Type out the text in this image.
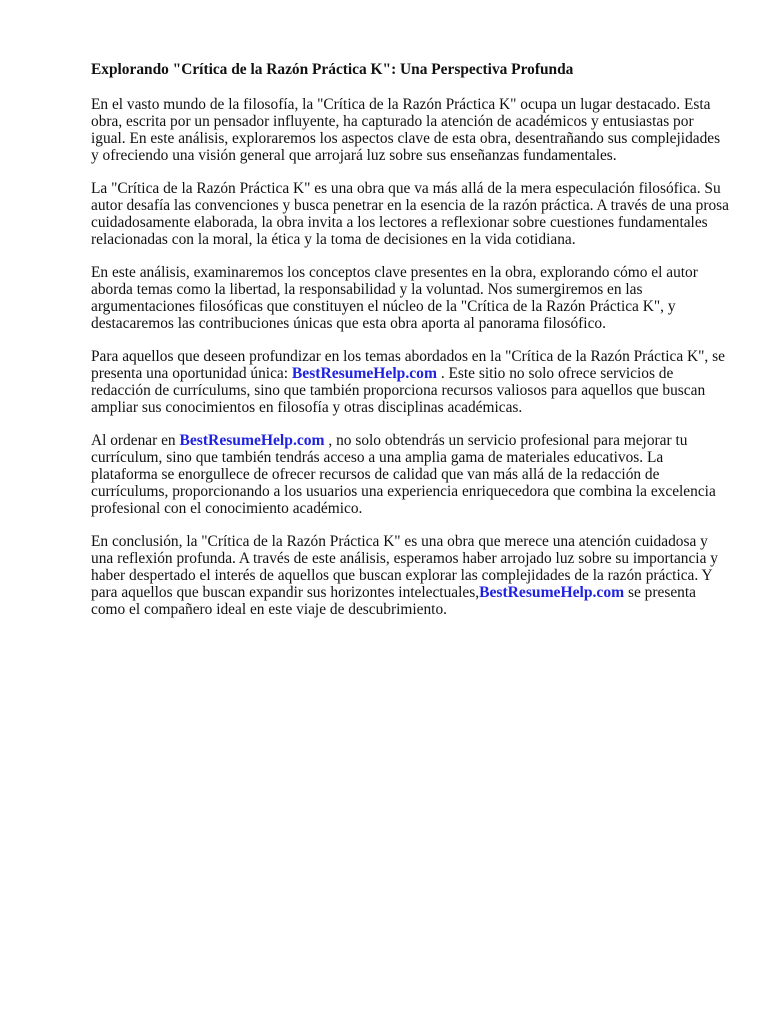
Explorando "Crítica de la Razón Práctica K": Una Perspectiva Profunda

En el vasto mundo de la filosofía, la "Crítica de la Razón Práctica K" ocupa un lugar destacado. Esta obra, escrita por un pensador influyente, ha capturado la atención de académicos y entusiastas por igual. En este análisis, exploraremos los aspectos clave de esta obra, desentrañando sus complejidades y ofreciendo una visión general que arrojará luz sobre sus enseñanzas fundamentales.

La "Crítica de la Razón Práctica K" es una obra que va más allá de la mera especulación filosófica. Su autor desafía las convenciones y busca penetrar en la esencia de la razón práctica. A través de una prosa cuidadosamente elaborada, la obra invita a los lectores a reflexionar sobre cuestiones fundamentales relacionadas con la moral, la ética y la toma de decisiones en la vida cotidiana.

En este análisis, examinaremos los conceptos clave presentes en la obra, explorando cómo el autor aborda temas como la libertad, la responsabilidad y la voluntad. Nos sumergiremos en las argumentaciones filosóficas que constituyen el núcleo de la "Crítica de la Razón Práctica K", y destacaremos las contribuciones únicas que esta obra aporta al panorama filosófico.

Para aquellos que deseen profundizar en los temas abordados en la "Crítica de la Razón Práctica K", se presenta una oportunidad única: BestResumeHelp.com . Este sitio no solo ofrece servicios de redacción de currículums, sino que también proporciona recursos valiosos para aquellos que buscan ampliar sus conocimientos en filosofía y otras disciplinas académicas.

Al ordenar en BestResumeHelp.com , no solo obtendrás un servicio profesional para mejorar tu currículum, sino que también tendrás acceso a una amplia gama de materiales educativos. La plataforma se enorgullece de ofrecer recursos de calidad que van más allá de la redacción de currículums, proporcionando a los usuarios una experiencia enriquecedora que combina la excelencia profesional con el conocimiento académico.

En conclusión, la "Crítica de la Razón Práctica K" es una obra que merece una atención cuidadosa y una reflexión profunda. A través de este análisis, esperamos haber arrojado luz sobre su importancia y haber despertado el interés de aquellos que buscan explorar las complejidades de la razón práctica. Y para aquellos que buscan expandir sus horizontes intelectuales,BestResumeHelp.com se presenta como el compañero ideal en este viaje de descubrimiento.
